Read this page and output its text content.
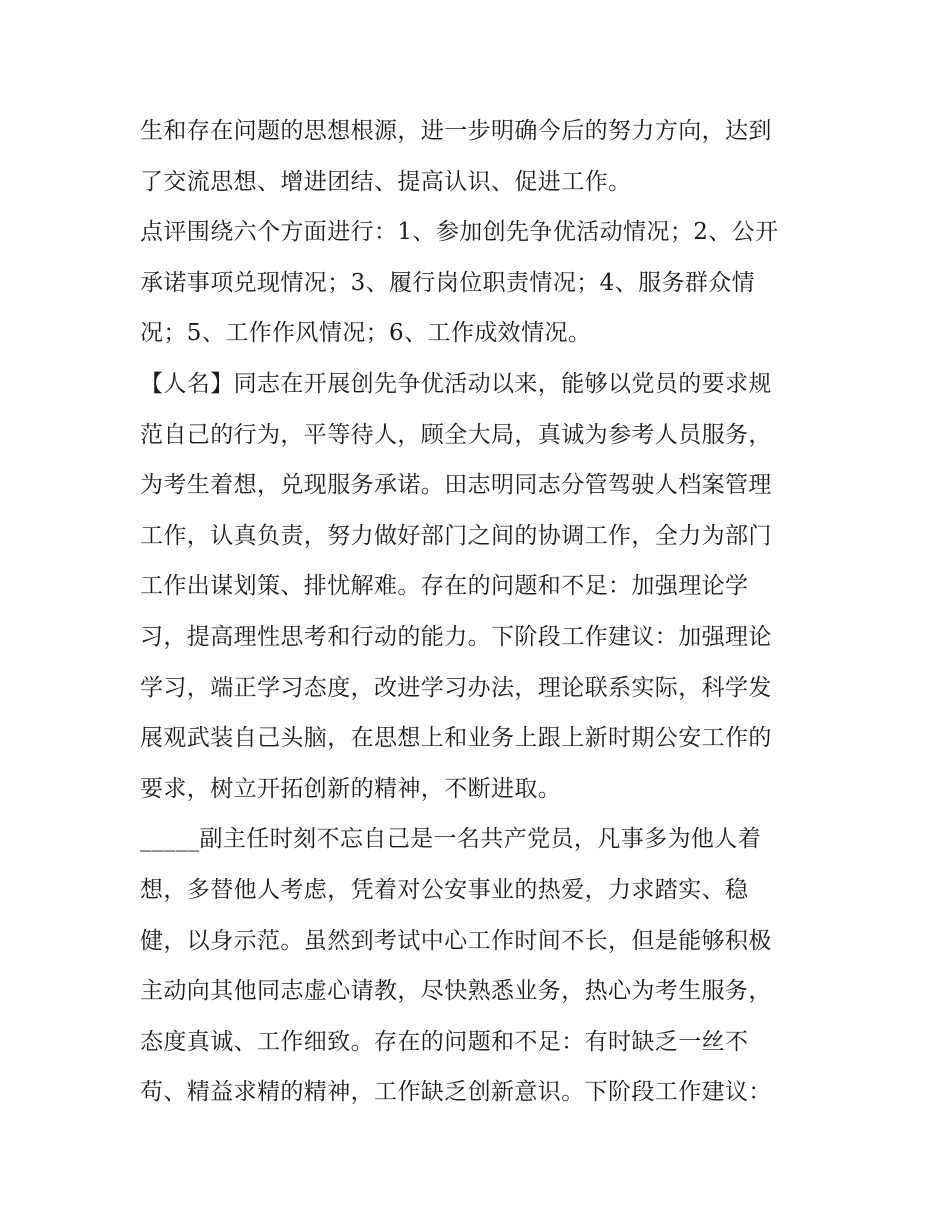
生和存在问题的思想根源，进一步明确今后的努力方向，达到
了交流思想、增进团结、提高认识、促进工作。
点评围绕六个方面进行：1、参加创先争优活动情况；2、公开
承诺事项兑现情况；3、履行岗位职责情况；4、服务群众情
况；5、工作作风情况；6、工作成效情况。
【人名】同志在开展创先争优活动以来，能够以党员的要求规
范自己的行为，平等待人，顾全大局，真诚为参考人员服务，
为考生着想，兑现服务承诺。田志明同志分管驾驶人档案管理
工作，认真负责，努力做好部门之间的协调工作，全力为部门
工作出谋划策、排忧解难。存在的问题和不足：加强理论学
习，提高理性思考和行动的能力。下阶段工作建议：加强理论
学习，端正学习态度，改进学习办法，理论联系实际，科学发
展观武装自己头脑，在思想上和业务上跟上新时期公安工作的
要求，树立开拓创新的精神，不断进取。
_____副主任时刻不忘自己是一名共产党员，凡事多为他人着
想，多替他人考虑，凭着对公安事业的热爱，力求踏实、稳
健，以身示范。虽然到考试中心工作时间不长，但是能够积极
主动向其他同志虚心请教，尽快熟悉业务，热心为考生服务，
态度真诚、工作细致。存在的问题和不足：有时缺乏一丝不
苟、精益求精的精神，工作缺乏创新意识。下阶段工作建议：
